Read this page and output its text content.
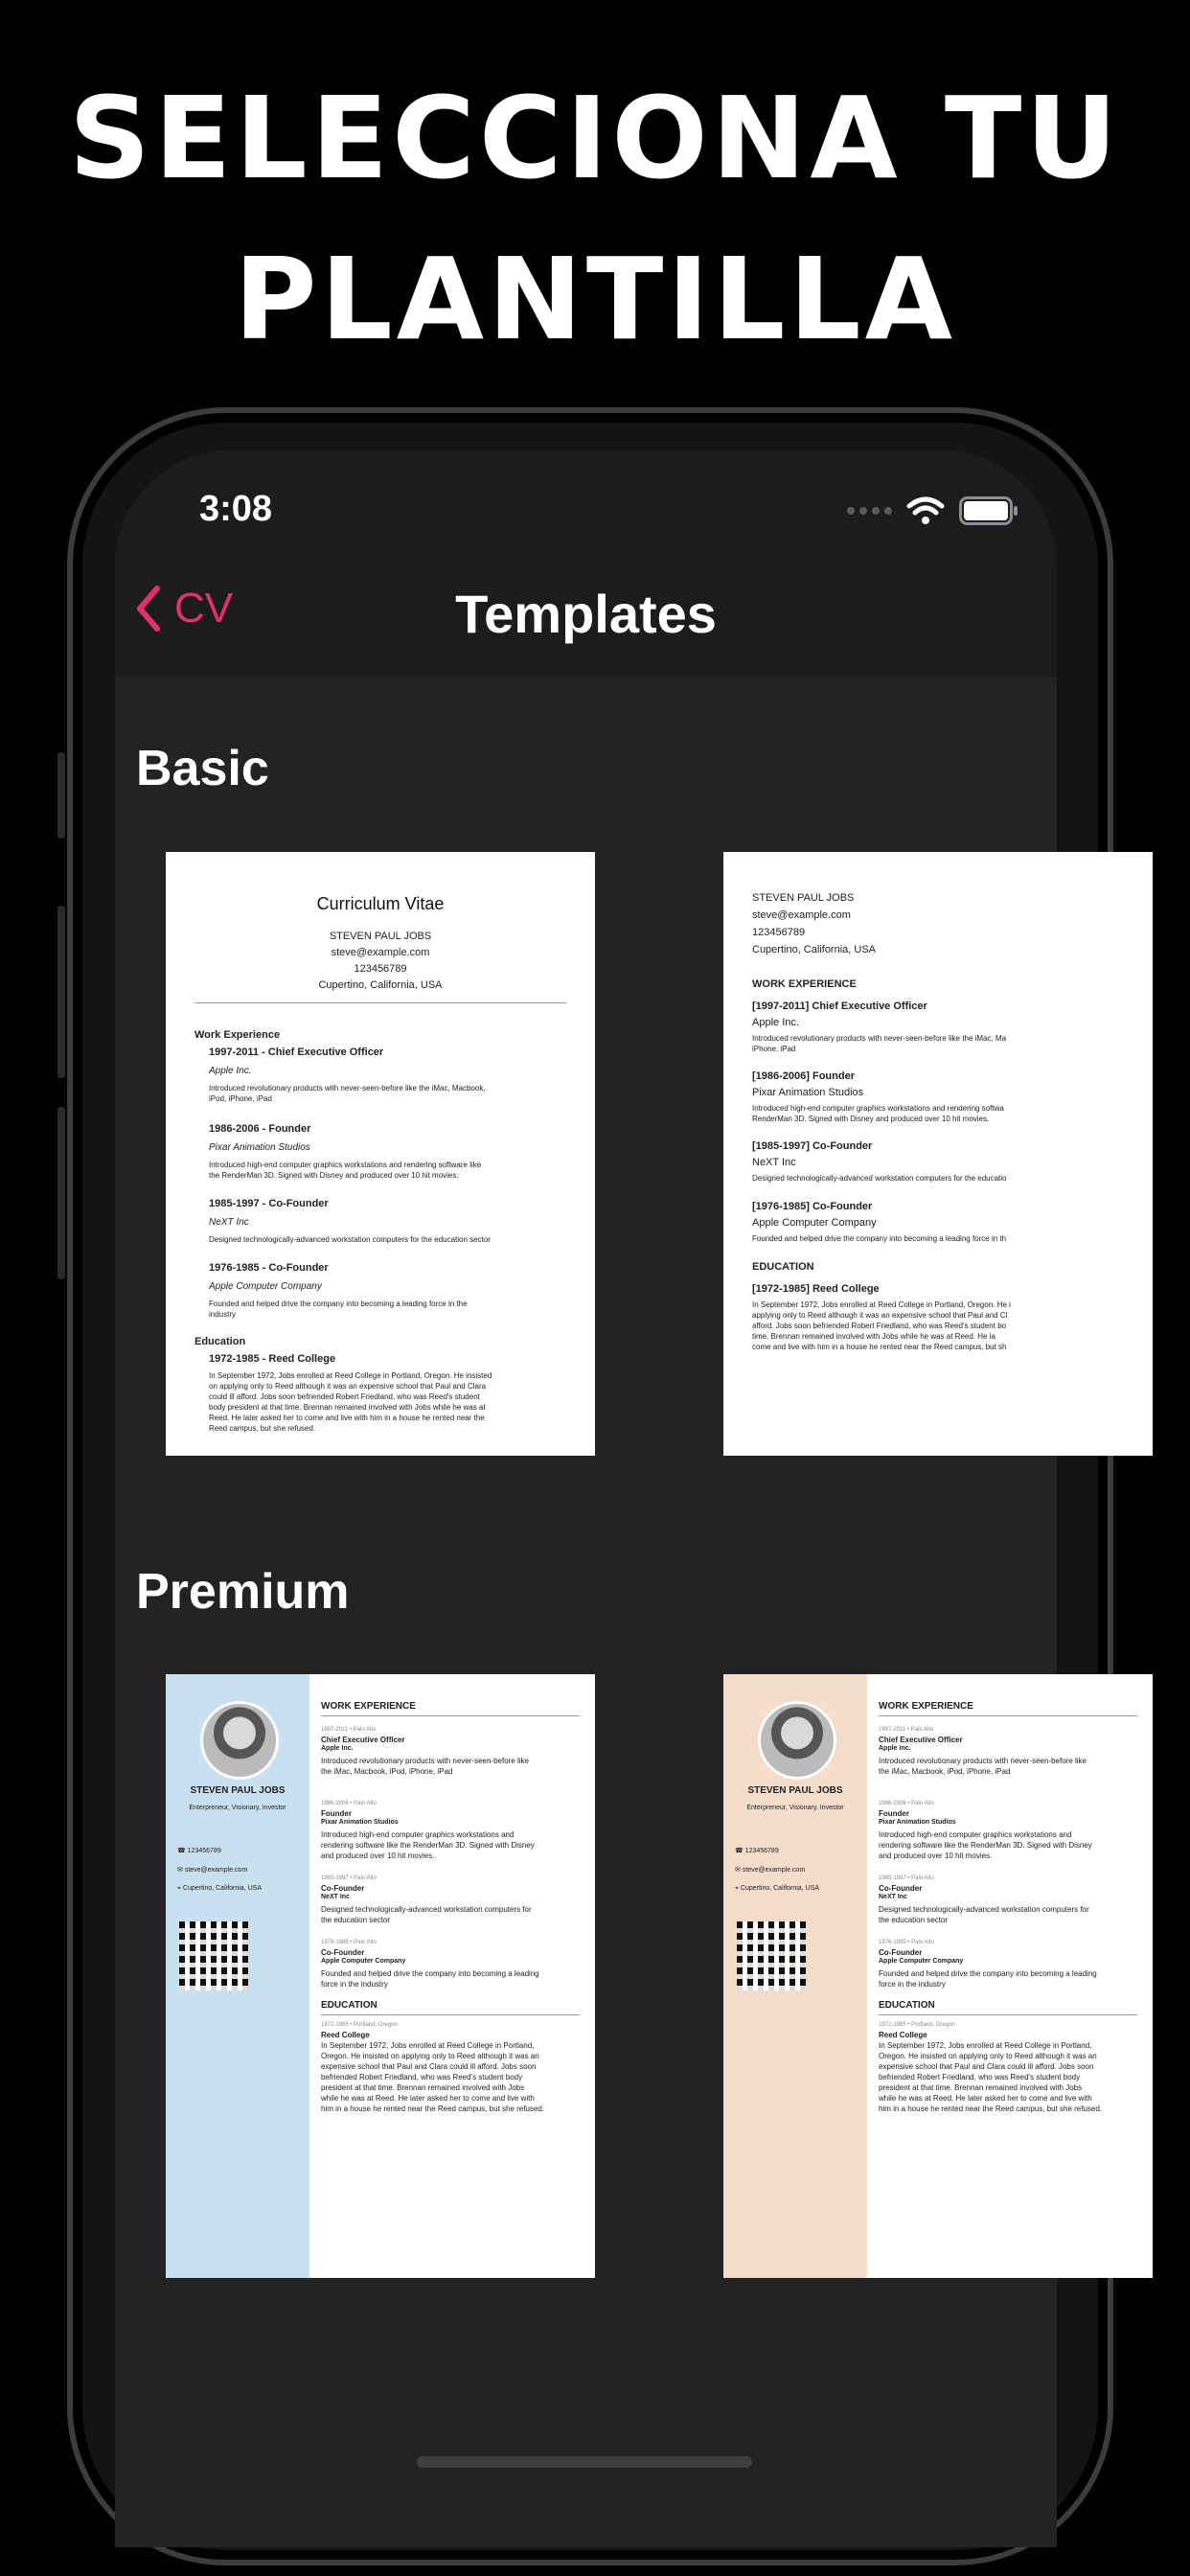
SELECCIONA TU
PLANTILLA
3:08
CV	Templates
Basic
Curriculum Vitae
STEVEN PAUL JOBS
steve@example.com
123456789
Cupertino, California, USA
Work Experience
1997-2011 - Chief Executive Officer
Apple Inc.
Introduced revolutionary products with never-seen-before like the iMac, Macbook,
iPod, iPhone, iPad
1986-2006 - Founder
Pixar Animation Studios
Introduced high-end computer graphics workstations and rendering software like
the RenderMan 3D. Signed with Disney and produced over 10 hit movies.
1985-1997 - Co-Founder
NeXT Inc
Designed technologically-advanced workstation computers for the education sector
1976-1985 - Co-Founder
Apple Computer Company
Founded and helped drive the company into becoming a leading force in the
industry
Education
1972-1985 - Reed College
In September 1972, Jobs enrolled at Reed College in Portland, Oregon. He insisted
on applying only to Reed although it was an expensive school that Paul and Clara
could ill afford. Jobs soon befriended Robert Friedland, who was Reed's student
body president at that time. Brennan remained involved with Jobs while he was at
Reed. He later asked her to come and live with him in a house he rented near the
Reed campus, but she refused.
STEVEN PAUL JOBS
steve@example.com
123456789
Cupertino, California, USA
WORK EXPERIENCE
[1997-2011] Chief Executive Officer
Apple Inc.
Introduced revolutionary products with never-seen-before like the iMac, Ma
iPhone, iPad
[1986-2006] Founder
Pixar Animation Studios
Introduced high-end computer graphics workstations and rendering softwa
RenderMan 3D. Signed with Disney and produced over 10 hit movies.
[1985-1997] Co-Founder
NeXT Inc
Designed technologically-advanced workstation computers for the educatio
[1976-1985] Co-Founder
Apple Computer Company
Founded and helped drive the company into becoming a leading force in th
EDUCATION
[1972-1985] Reed College
In September 1972, Jobs enrolled at Reed College in Portland, Oregon. He i
applying only to Reed although it was an expensive school that Paul and Cl
afford. Jobs soon befriended Robert Friedland, who was Reed's student bo
time. Brennan remained involved with Jobs while he was at Reed. He la
come and live with him in a house he rented near the Reed campus, but sh
Premium
STEVEN PAUL JOBS
Enterpreneur, Visionary, Investor
☎ 123456789
✉ steve@example.com
⌖ Cupertino, California, USA
WORK EXPERIENCE
1997-2011 • Palo Alto
Chief Executive Officer
Apple Inc.
Introduced revolutionary products with never-seen-before like
the iMac, Macbook, iPod, iPhone, iPad
1986-2006 • Palo Alto
Founder
Pixar Animation Studios
Introduced high-end computer graphics workstations and
rendering software like the RenderMan 3D. Signed with Disney
and produced over 10 hit movies.
1985-1997 • Palo Alto
Co-Founder
NeXT Inc
Designed technologically-advanced workstation computers for
the education sector
1976-1985 • Palo Alto
Co-Founder
Apple Computer Company
Founded and helped drive the company into becoming a leading
force in the industry
EDUCATION
1972-1985 • Portland, Oregon
Reed College
In September 1972, Jobs enrolled at Reed College in Portland,
Oregon. He insisted on applying only to Reed although it was an
expensive school that Paul and Clara could ill afford. Jobs soon
befriended Robert Friedland, who was Reed's student body
president at that time. Brennan remained involved with Jobs
while he was at Reed. He later asked her to come and live with
him in a house he rented near the Reed campus, but she refused.
STEVEN PAUL JOBS
Enterpreneur, Visionary, Investor
☎ 123456789
✉ steve@example.com
⌖ Cupertino, California, USA
WORK EXPERIENCE
1997-2011 • Palo Alto
Chief Executive Officer
Apple Inc.
Introduced revolutionary products with never-seen-before like
the iMac, Macbook, iPod, iPhone, iPad
1986-2006 • Palo Alto
Founder
Pixar Animation Studios
Introduced high-end computer graphics workstations and
rendering software like the RenderMan 3D. Signed with Disney
and produced over 10 hit movies.
1985-1997 • Palo Alto
Co-Founder
NeXT Inc
Designed technologically-advanced workstation computers for
the education sector
1976-1985 • Palo Alto
Co-Founder
Apple Computer Company
Founded and helped drive the company into becoming a leading
force in the industry
EDUCATION
1972-1985 • Portland, Oregon
Reed College
In September 1972, Jobs enrolled at Reed College in Portland,
Oregon. He insisted on applying only to Reed although it was an
expensive school that Paul and Clara could ill afford. Jobs soon
befriended Robert Friedland, who was Reed's student body
president at that time. Brennan remained involved with Jobs
while he was at Reed. He later asked her to come and live with
him in a house he rented near the Reed campus, but she refused.
